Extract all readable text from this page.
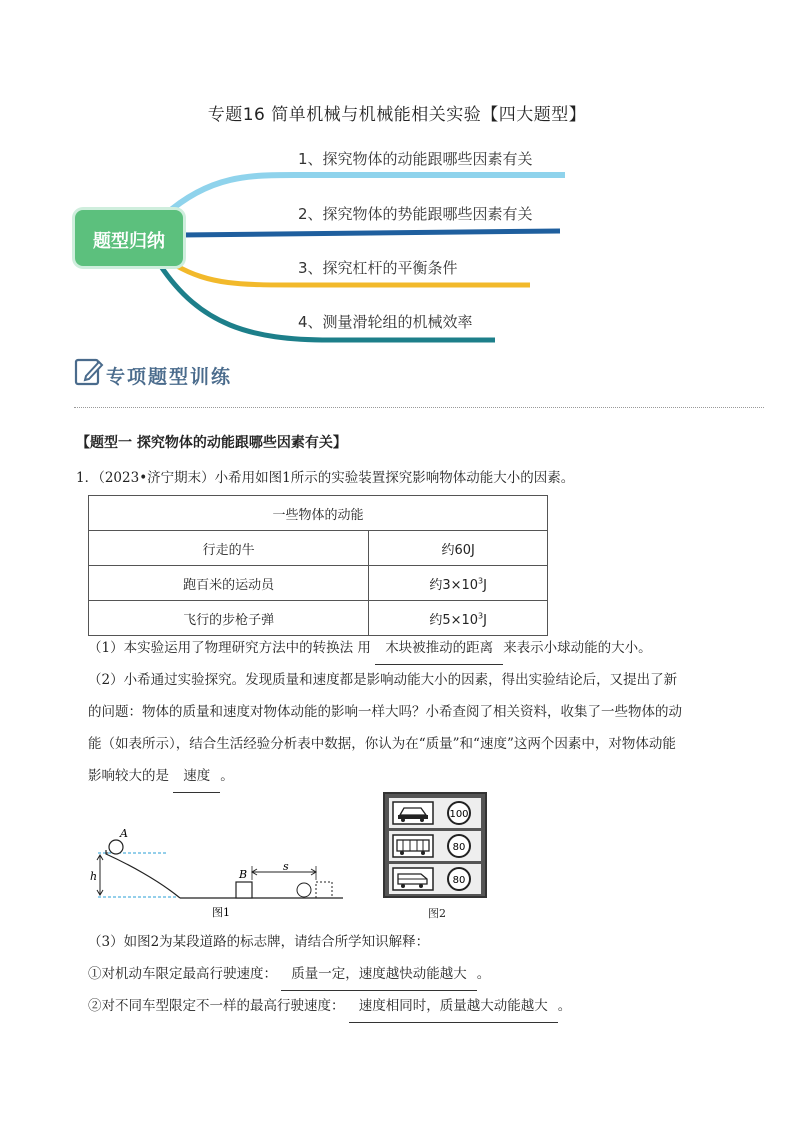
专题16 简单机械与机械能相关实验【四大题型】
题型归纳
1、探究物体的动能跟哪些因素有关
2、探究物体的势能跟哪些因素有关
3、探究杠杆的平衡条件
4、测量滑轮组的机械效率
专项题型训练
【题型一 探究物体的动能跟哪些因素有关】
1．（2023•济宁期末）小希用如图1所示的实验装置探究影响物体动能大小的因素。
一些物体的动能	
行走的牛	约60J
跑百米的运动员	约$3\times 10^3J$
飞行的步枪子弹	约$5\times 10^3J$
（1）本实验运用了物理研究方法中的转换法 用 木块被推动的距离 来表示小球动能的大小。
（2）小希通过实验探究。发现质量和速度都是影响动能大小的因素，得出实验结论后，又提出了新的问题：物体的质量和速度对物体动能的影响一样大吗？小希查阅了相关资料，收集了一些物体的动能（如表所示），结合生活经验分析表中数据，你认为在“质量”和“速度”这两个因素中，对物体动能影响较大的是 速度 。
A
h	B
s
图1
100
80
80
图2
（3）如图2为某段道路的标志牌，请结合所学知识解释：
①对机动车限定最高行驶速度： 质量一定，速度越快动能越大 。
②对不同车型限定不一样的最高行驶速度： 速度相同时，质量越大动能越大 。
